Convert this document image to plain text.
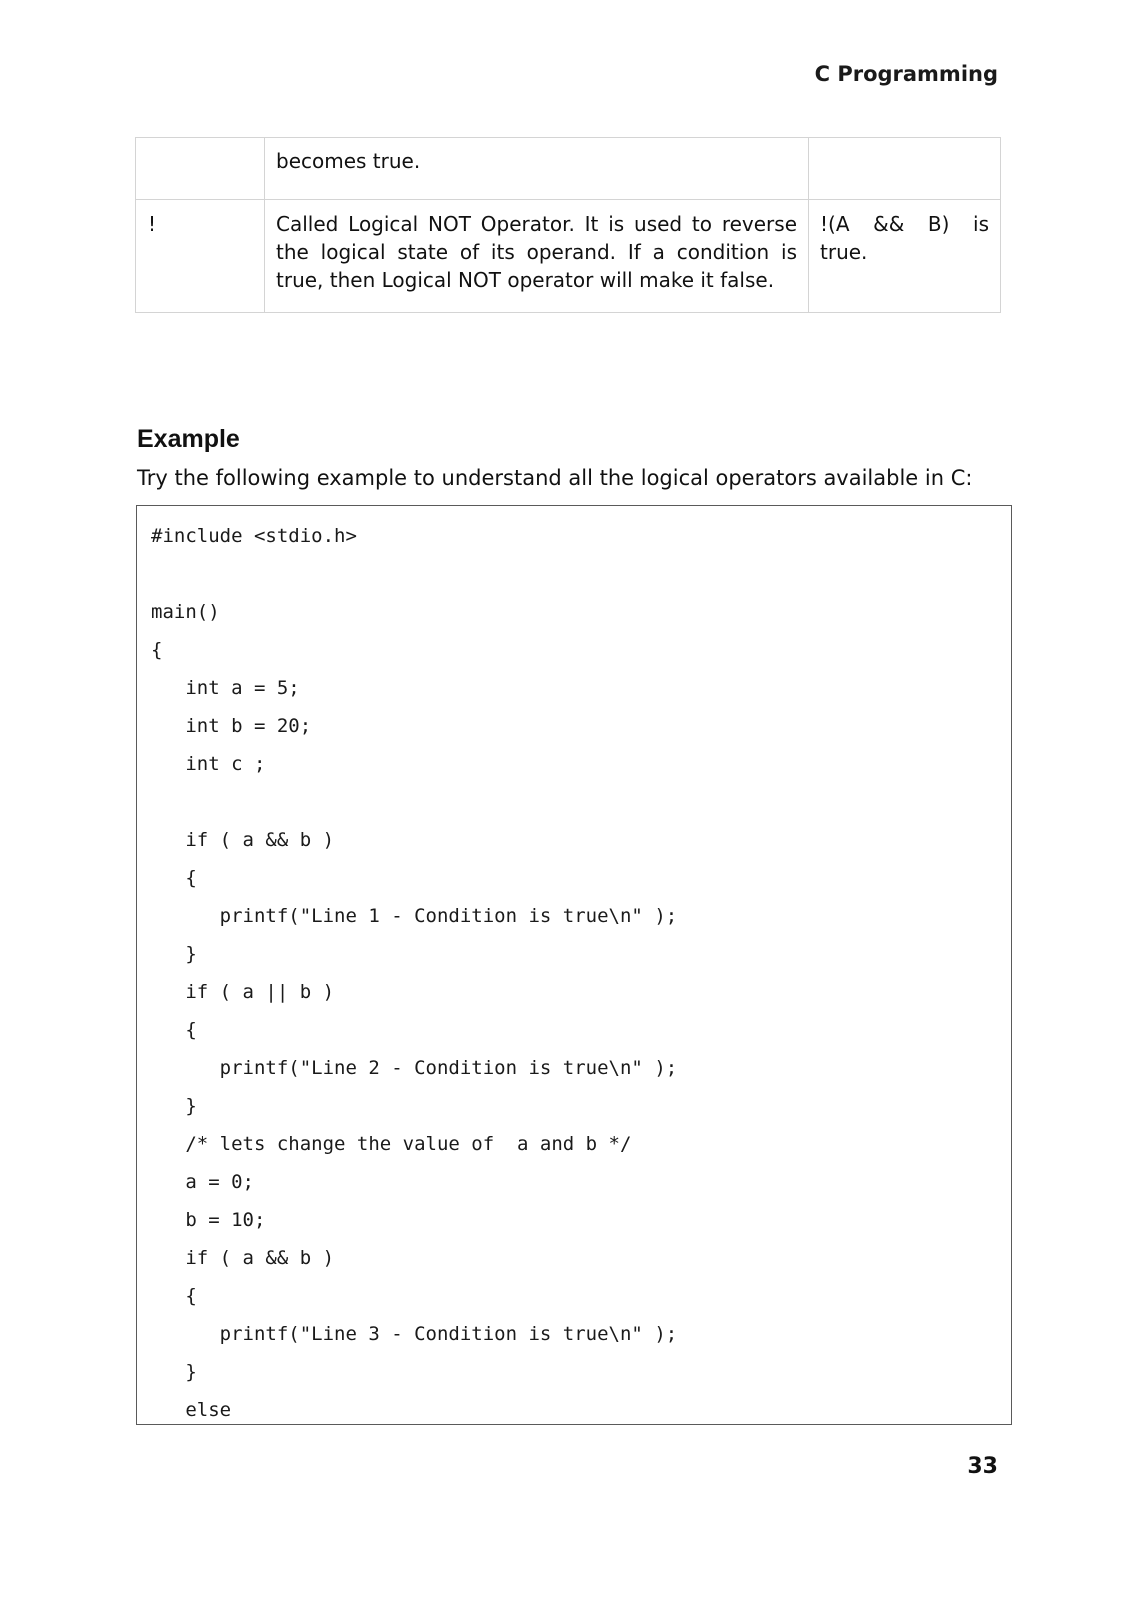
C Programming
	becomes true.	
!	Called Logical NOT Operator. It is used to reverse the logical state of its operand. If a condition is true, then Logical NOT operator will make it false.	!(A && B) is true.
Example
Try the following example to understand all the logical operators available in C:
#include <stdio.h>
main()
{
int a = 5;
int b = 20;
int c ;
if ( a && b )
{
printf("Line 1 - Condition is true\n" );
}
if ( a || b )
{
printf("Line 2 - Condition is true\n" );
}
/* lets change the value of  a and b */
a = 0;
b = 10;
if ( a && b )
{
printf("Line 3 - Condition is true\n" );
}
else
33
